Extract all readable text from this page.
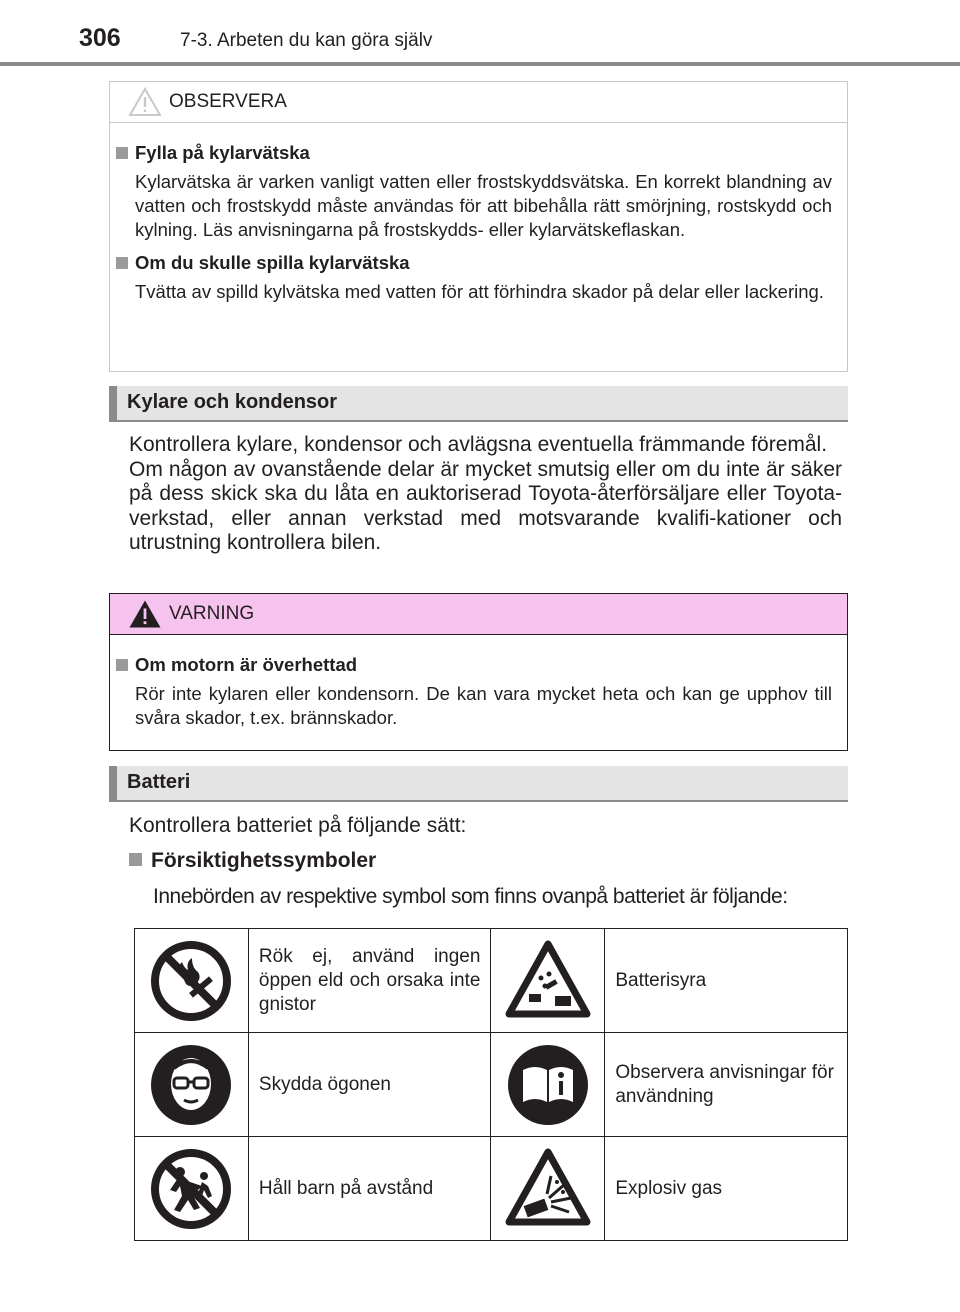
306	7-3. Arbeten du kan göra själv
OBSERVERA
Fylla på kylarvätska
Kylarvätska är varken vanligt vatten eller frostskyddsvätska. En korrekt blandning av vatten och frostskydd måste användas för att bibehålla rätt smörjning, rostskydd och kylning. Läs anvisningarna på frostskydds- eller kylarvätskeflaskan.
Om du skulle spilla kylarvätska
Tvätta av spilld kylvätska med vatten för att förhindra skador på delar eller lackering.
Kylare och kondensor

Kontrollera kylare, kondensor och avlägsna eventuella främmande föremål.

Om någon av ovanstående delar är mycket smutsig eller om du inte är säker på dess skick ska du låta en auktoriserad Toyota-återförsäljare eller Toyota-verkstad, eller annan verkstad med motsvarande kvalifi-kationer och utrustning kontrollera bilen.

VARNING
Om motorn är överhettad
Rör inte kylaren eller kondensorn. De kan vara mycket heta och kan ge upphov till svåra skador, t.ex. brännskador.
Batteri
Kontrollera batteriet på följande sätt:
Försiktighetssymboler
Innebörden av respektive symbol som finns ovanpå batteriet är följande:
	Rök ej, använd ingen öppen eld och orsaka inte gnistor		Batterisyra
	Skydda ögonen		Observera anvisningar för användning
	Håll barn på avstånd		Explosiv gas
